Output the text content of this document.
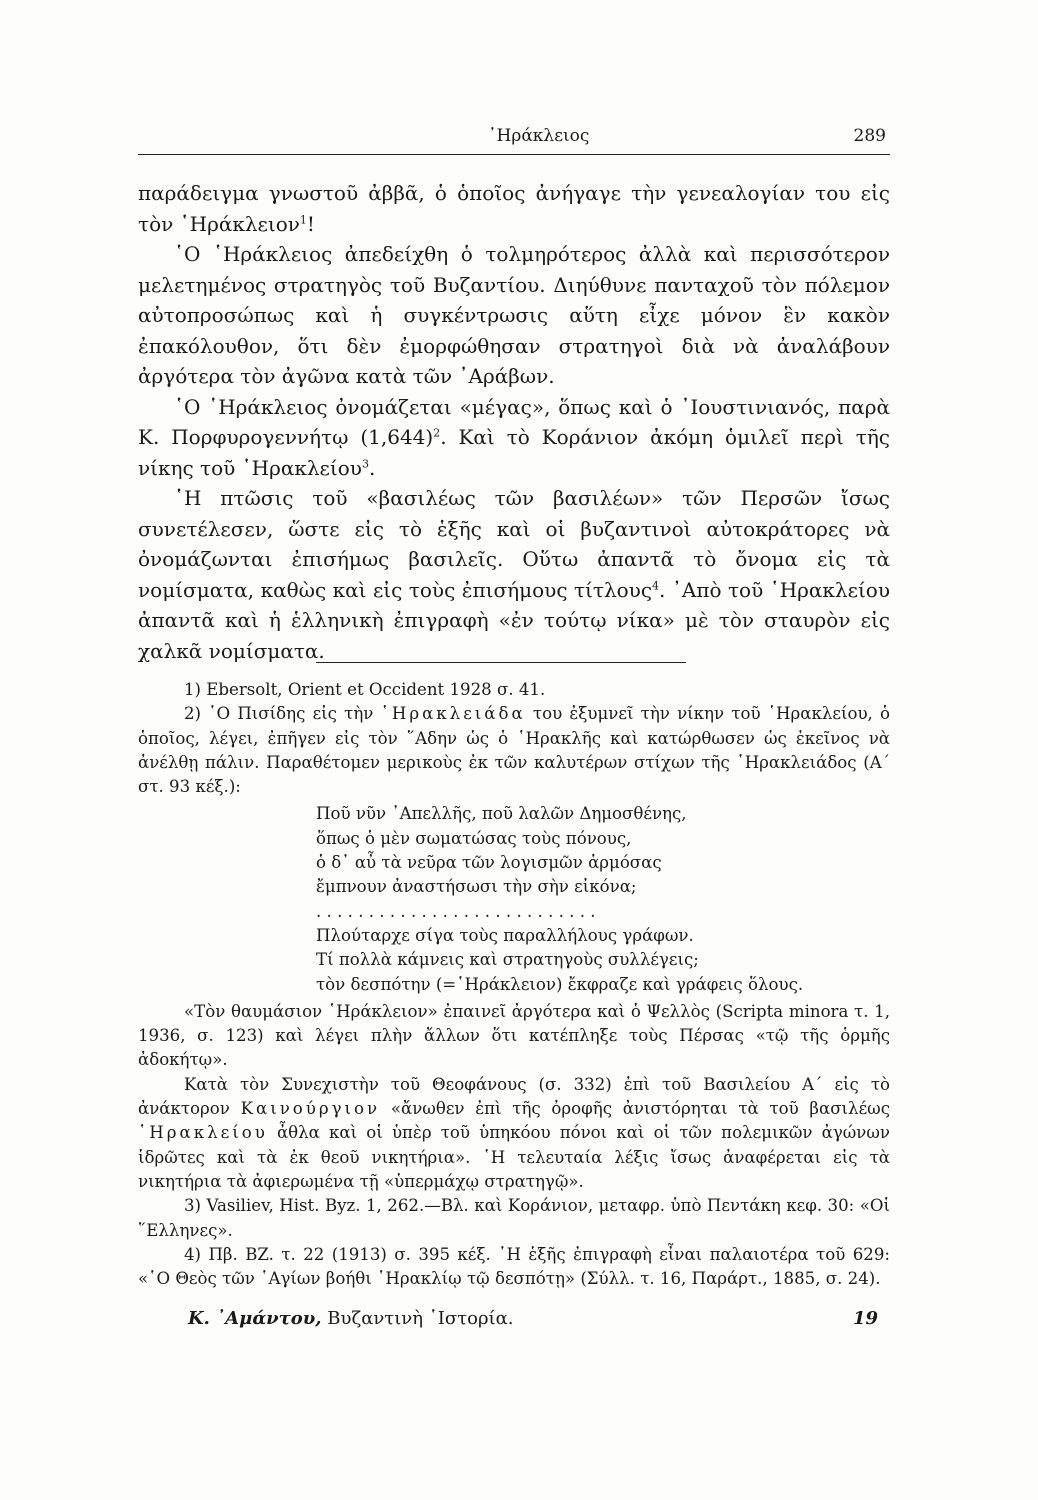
᾿Ηράκλειος	289

παράδειγμα γνωστοῦ ἀββᾶ, ὁ ὁποῖος ἀνήγαγε τὴν γενεαλογίαν του εἰς τὸν ῾Ηράκλειον$^1$!

῾Ο ῾Ηράκλειος ἀπεδείχθη ὁ τολμηρότερος ἀλλὰ καὶ περισσότερον μελετημένος στρατηγὸς τοῦ Βυζαντίου. Διηύθυνε πανταχοῦ τὸν πόλεμον αὐτοπροσώπως καὶ ἡ συγκέντρωσις αὕτη εἶχε μόνον ἓν κακὸν ἐπακόλουθον, ὅτι δὲν ἐμορφώθησαν στρατηγοὶ διὰ νὰ ἀναλάβουν ἀργότερα τὸν ἀγῶνα κατὰ τῶν ᾿Αράβων.

῾Ο ῾Ηράκλειος ὀνομάζεται «μέγας», ὅπως καὶ ὁ ᾿Ιουστινιανός, παρὰ Κ. Πορφυρογεννήτῳ $(1,644)^2$. Καὶ τὸ Κοράνιον ἀκόμη ὁμιλεῖ περὶ τῆς νίκης τοῦ ῾Ηρακλείου$^3$.

῾Η πτῶσις τοῦ «βασιλέως τῶν βασιλέων» τῶν Περσῶν ἴσως συνετέλεσεν, ὥστε εἰς τὸ ἑξῆς καὶ οἱ βυζαντινοὶ αὐτοκράτορες νὰ ὀνομάζωνται ἐπισήμως βασιλεῖς. Οὕτω ἀπαντᾶ τὸ ὄνομα εἰς τὰ νομίσματα, καθὼς καὶ εἰς τοὺς ἐπισήμους τίτλους$^4$. ᾿Απὸ τοῦ ῾Ηρακλείου ἀπαντᾶ καὶ ἡ ἑλληνικὴ ἐπιγραφὴ «ἐν τούτῳ νίκα» μὲ τὸν σταυρὸν εἰς χαλκᾶ νομίσματα.

1) Ebersolt, Orient et Occident 1928 σ. 41.

2) ῾Ο Πισίδης εἰς τὴν ῾Ηρακλειάδα του ἐξυμνεῖ τὴν νίκην τοῦ ῾Ηρακλείου, ὁ ὁποῖος, λέγει, ἐπῆγεν εἰς τὸν ῞Αδην ὡς ὁ ῾Ηρακλῆς καὶ κατώρθωσεν ὡς ἐκεῖνος νὰ ἀνέλθῃ πάλιν. Παραθέτομεν μερικοὺς ἐκ τῶν καλυτέρων στίχων τῆς ῾Ηρακλειάδος (Α΄ στ. 93 κέξ.):

Ποῦ νῦν ᾿Απελλῆς, ποῦ λαλῶν Δημοσθένης,
ὅπως ὁ μὲν σωματώσας τοὺς πόνους,
ὁ δ᾿ αὖ τὰ νεῦρα τῶν λογισμῶν ἁρμόσας
ἔμπνουν ἀναστήσωσι τὴν σὴν εἰκόνα;
. . . . . . . . . . . . . . . . . . . . . . . . . . .
Πλούταρχε σίγα τοὺς παραλλήλους γράφων.
Τί πολλὰ κάμνεις καὶ στρατηγοὺς συλλέγεις;
τὸν δεσπότην (=῾Ηράκλειον) ἔκφραζε καὶ γράφεις ὅλους.

«Τὸν θαυμάσιον ῾Ηράκλειον» ἐπαινεῖ ἀργότερα καὶ ὁ Ψελλὸς (Scripta minora τ. 1, 1936, σ. 123) καὶ λέγει πλὴν ἄλλων ὅτι κατέπληξε τοὺς Πέρσας «τῷ τῆς ὁρμῆς ἀδοκήτῳ».

Κατὰ τὸν Συνεχιστὴν τοῦ Θεοφάνους (σ. 332) ἐπὶ τοῦ Βασιλείου Α΄ εἰς τὸ ἀνάκτορον Καινούργιον «ἄνωθεν ἐπὶ τῆς ὀροφῆς ἀνιστόρηται τὰ τοῦ βασιλέως ῾Ηρακλείου ἆθλα καὶ οἱ ὑπὲρ τοῦ ὑπηκόου πόνοι καὶ οἱ τῶν πολεμικῶν ἀγώνων ἱδρῶτες καὶ τὰ ἐκ θεοῦ νικητήρια». ῾Η τελευταία λέξις ἴσως ἀναφέρεται εἰς τὰ νικητήρια τὰ ἀφιερωμένα τῇ «ὑπερμάχῳ στρατηγῷ».

3) Vasiliev, Hist. Byz. 1, 262.—Βλ. καὶ Κοράνιον, μεταφρ. ὑπὸ Πεντάκη κεφ. 30: «Οἱ ῞Ελληνες».

4) Πβ. BZ. τ. 22 (1913) σ. 395 κέξ. ῾Η ἑξῆς ἐπιγραφὴ εἶναι παλαιοτέρα τοῦ 629: «῾Ο Θεὸς τῶν ῾Αγίων βοήθι ῾Ηρακλίῳ τῷ δεσπότῃ» (Σύλλ. τ. 16, Παράρτ., 1885, σ. 24).

Κ. ᾿Αμάντου, Βυζαντινὴ ῾Ιστορία.	19
